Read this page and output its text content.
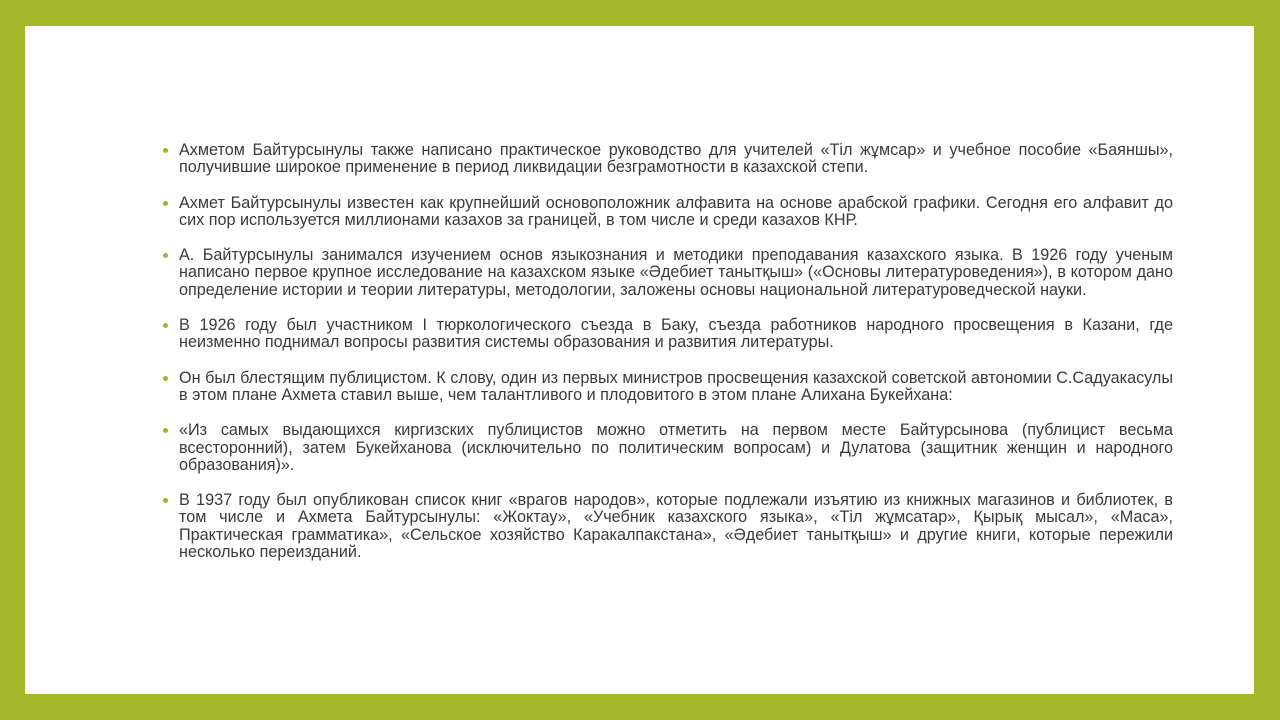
Ахметом Байтурсынулы также написано практическое руководство для учителей «Тіл жұмсар» и учебное пособие «Баяншы», получившие широкое применение в период ликвидации безграмотности в казахской степи.
Ахмет Байтурсынулы известен как крупнейший основоположник алфавита на основе арабской графики. Сегодня его алфавит до сих пор используется миллионами казахов за границей, в том числе и среди казахов КНР.
А. Байтурсынулы занимался изучением основ языкознания и методики преподавания казахского языка. В 1926 году ученым написано первое крупное исследование на казахском языке «Әдебиет танытқыш» («Основы литературоведения»), в котором дано определение истории и теории литературы, методологии, заложены основы национальной литературоведческой науки.
В 1926 году был участником I тюркологического съезда в Баку, съезда работников народного просвещения в Казани, где неизменно поднимал вопросы развития системы образования и развития литературы.
Он был блестящим публицистом. К слову, один из первых министров просвещения казахской советской автономии С.Садуакасулы в этом плане Ахмета ставил выше, чем талантливого и плодовитого в этом плане Алихана Букейхана:
«Из самых выдающихся киргизских публицистов можно отметить на первом месте Байтурсынова (публицист весьма всесторонний), затем Букейханова (исключительно по политическим вопросам) и Дулатова (защитник женщин и народного образования)».
В 1937 году был опубликован список книг «врагов народов», которые подлежали изъятию из книжных магазинов и библиотек, в том числе и Ахмета Байтурсынулы: «Жоктау», «Учебник казахского языка», «Тіл жұмсатар», Қырық мысал», «Маса», Практическая грамматика», «Сельское хозяйство Каракалпакстана», «Әдебиет танытқыш» и другие книги, которые пережили несколько переизданий.
